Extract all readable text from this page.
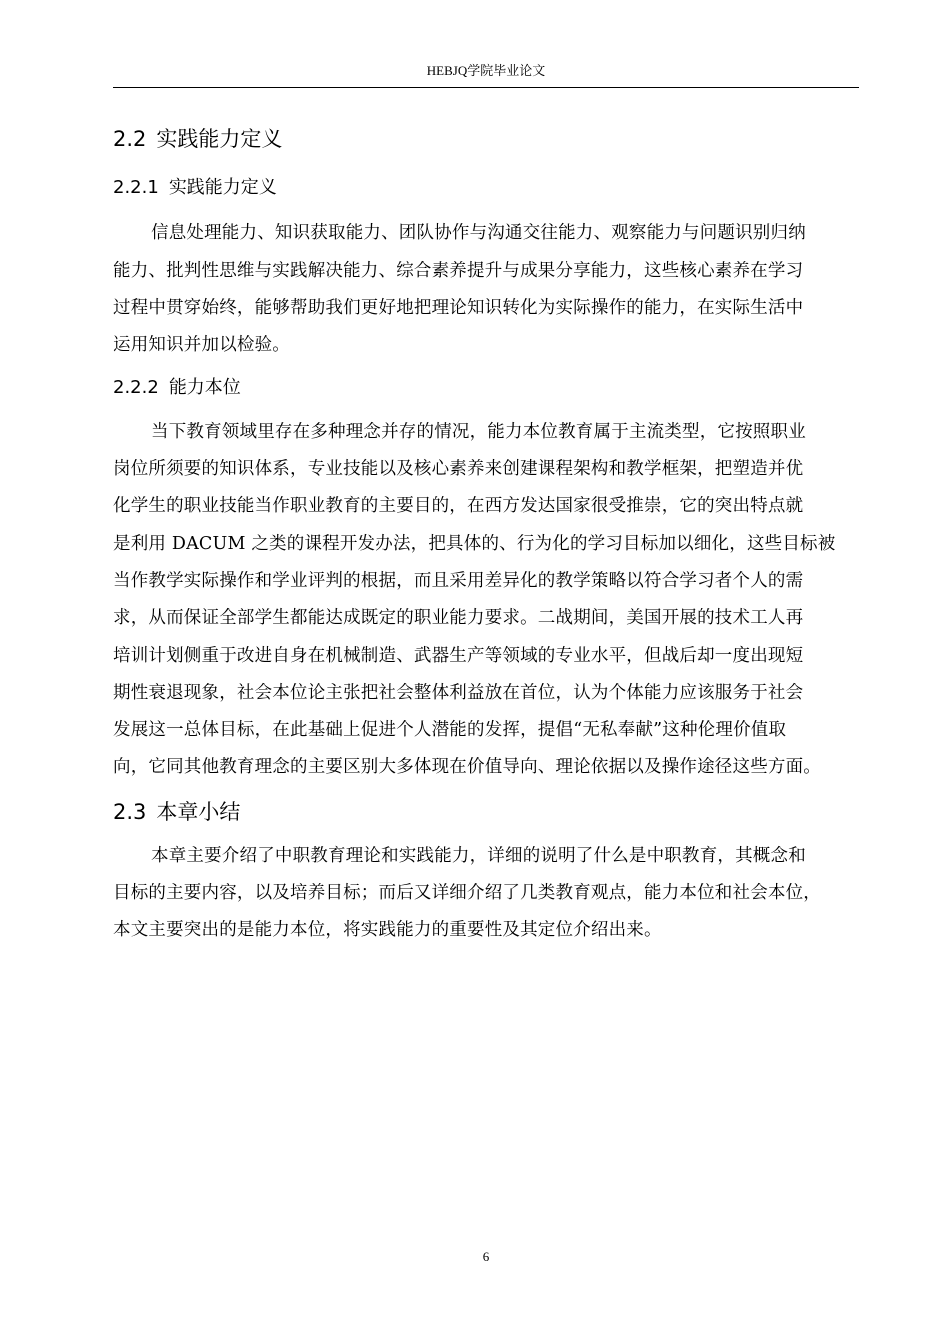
HEBJQ学院毕业论文
2.2 实践能力定义
2.2.1 实践能力定义
信息处理能力、知识获取能力、团队协作与沟通交往能力、观察能力与问题识别归纳
能力、批判性思维与实践解决能力、综合素养提升与成果分享能力，这些核心素养在学习
过程中贯穿始终，能够帮助我们更好地把理论知识转化为实际操作的能力，在实际生活中
运用知识并加以检验。
2.2.2 能力本位
当下教育领域里存在多种理念并存的情况，能力本位教育属于主流类型，它按照职业
岗位所须要的知识体系，专业技能以及核心素养来创建课程架构和教学框架，把塑造并优
化学生的职业技能当作职业教育的主要目的，在西方发达国家很受推崇，它的突出特点就
是利用 DACUM 之类的课程开发办法，把具体的、行为化的学习目标加以细化，这些目标被
当作教学实际操作和学业评判的根据，而且采用差异化的教学策略以符合学习者个人的需
求，从而保证全部学生都能达成既定的职业能力要求。二战期间，美国开展的技术工人再
培训计划侧重于改进自身在机械制造、武器生产等领域的专业水平，但战后却一度出现短
期性衰退现象，社会本位论主张把社会整体利益放在首位，认为个体能力应该服务于社会
发展这一总体目标，在此基础上促进个人潜能的发挥，提倡“无私奉献”这种伦理价值取
向，它同其他教育理念的主要区别大多体现在价值导向、理论依据以及操作途径这些方面。
2.3 本章小结
本章主要介绍了中职教育理论和实践能力，详细的说明了什么是中职教育，其概念和
目标的主要内容，以及培养目标；而后又详细介绍了几类教育观点，能力本位和社会本位，
本文主要突出的是能力本位，将实践能力的重要性及其定位介绍出来。
6
